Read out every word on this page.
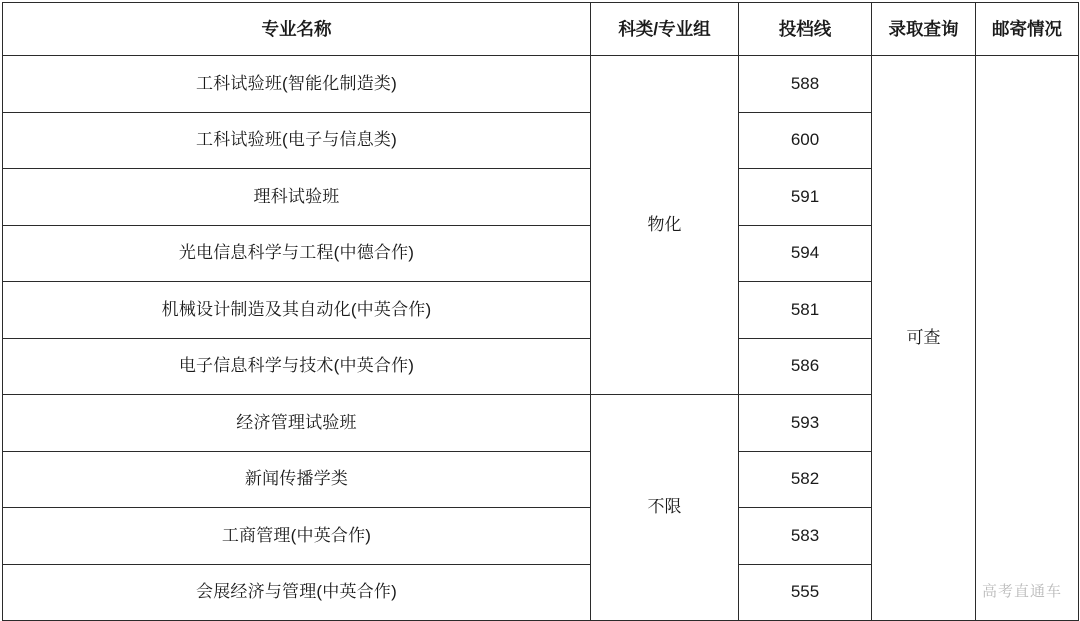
专业名称	科类/专业组	投档线	录取查询	邮寄情况
工科试验班(智能化制造类)	物化	588	可查	
工科试验班(电子与信息类)		600		
理科试验班		591		
光电信息科学与工程(中德合作)		594		
机械设计制造及其自动化(中英合作)		581		
电子信息科学与技术(中英合作)		586		
经济管理试验班	不限	593		
新闻传播学类		582		
工商管理(中英合作)		583		
会展经济与管理(中英合作)		555			高考直通车
